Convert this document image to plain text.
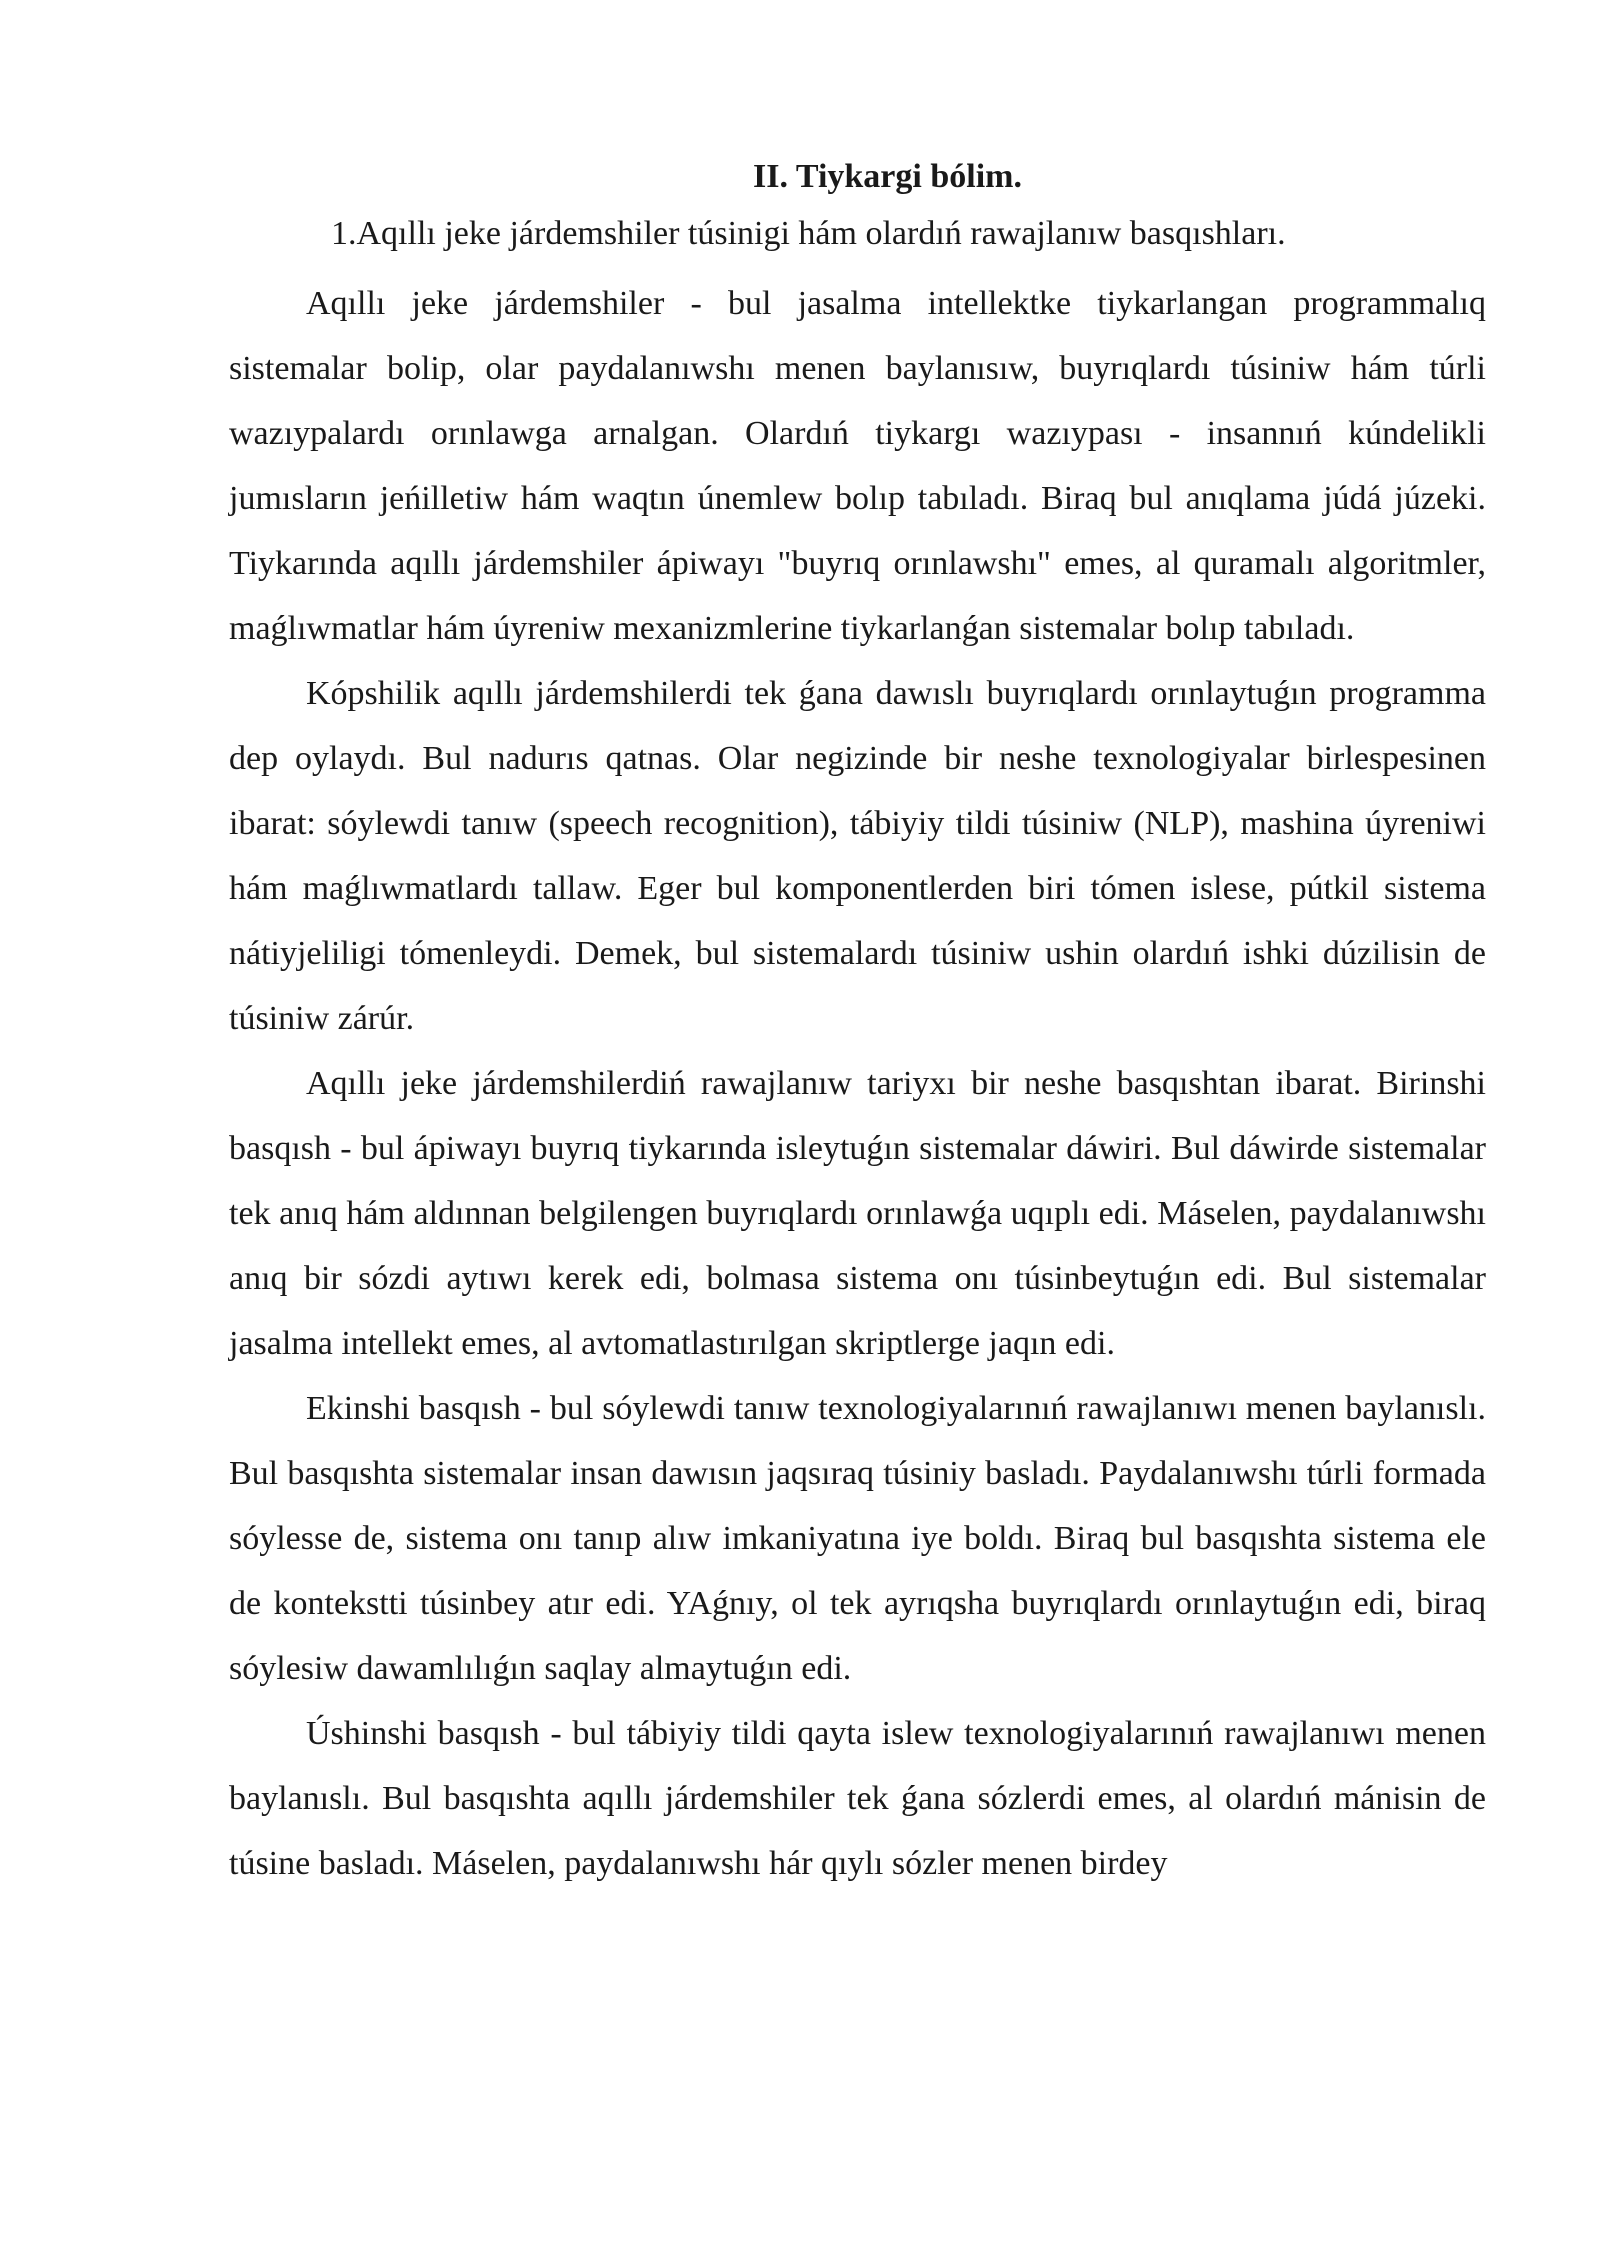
II. Tiykargi bólim.
1.Aqıllı jeke járdemshiler túsinigi hám olardıń rawajlanıw basqıshları.

Aqıllı jeke járdemshiler - bul jasalma intellektke tiykarlangan programmalıq sistemalar bolip, olar paydalanıwshı menen baylanısıw, buyrıqlardı túsiniw hám túrli wazıypalardı orınlawga arnalgan. Olardıń tiykargı wazıypası - insannıń kúndelikli jumısların jeńilletiw hám waqtın únemlew bolıp tabıladı. Biraq bul anıqlama júdá júzeki. Tiykarında aqıllı járdemshiler ápiwayı "buyrıq orınlawshı" emes, al quramalı algoritmler, maǵlıwmatlar hám úyreniw mexanizmlerine tiykarlanǵan sistemalar bolıp tabıladı.

Kópshilik aqıllı járdemshilerdi tek ǵana dawıslı buyrıqlardı orınlaytuǵın programma dep oylaydı. Bul nadurıs qatnas. Olar negizinde bir neshe texnologiyalar birlespesinen ibarat: sóylewdi tanıw (speech recognition), tábiyiy tildi túsiniw (NLP), mashina úyreniwi hám maǵlıwmatlardı tallaw. Eger bul komponentlerden biri tómen islese, pútkil sistema nátiyjeliligi tómenleydi. Demek, bul sistemalardı túsiniw ushin olardıń ishki dúzilisin de túsiniw zárúr.

Aqıllı jeke járdemshilerdiń rawajlanıw tariyxı bir neshe basqıshtan ibarat. Birinshi basqısh - bul ápiwayı buyrıq tiykarında isleytuǵın sistemalar dáwiri. Bul dáwirde sistemalar tek anıq hám aldınnan belgilengen buyrıqlardı orınlawǵa uqıplı edi. Máselen, paydalanıwshı anıq bir sózdi aytıwı kerek edi, bolmasa sistema onı túsinbeytuǵın edi. Bul sistemalar jasalma intellekt emes, al avtomatlastırılgan skriptlerge jaqın edi.

Ekinshi basqısh - bul sóylewdi tanıw texnologiyalarınıń rawajlanıwı menen baylanıslı. Bul basqıshta sistemalar insan dawısın jaqsıraq túsiniy basladı. Paydalanıwshı túrli formada sóylesse de, sistema onı tanıp alıw imkaniyatına iye boldı. Biraq bul basqıshta sistema ele de kontekstti túsinbey atır edi. YAǵnıy, ol tek ayrıqsha buyrıqlardı orınlaytuǵın edi, biraq sóylesiw dawamlılıǵın saqlay almaytuǵın edi.

Úshinshi basqısh - bul tábiyiy tildi qayta islew texnologiyalarınıń rawajlanıwı menen baylanıslı. Bul basqıshta aqıllı járdemshiler tek ǵana sózlerdi emes, al olardıń mánisin de túsine basladı. Máselen, paydalanıwshı hár qıylı sózler menen birdey
